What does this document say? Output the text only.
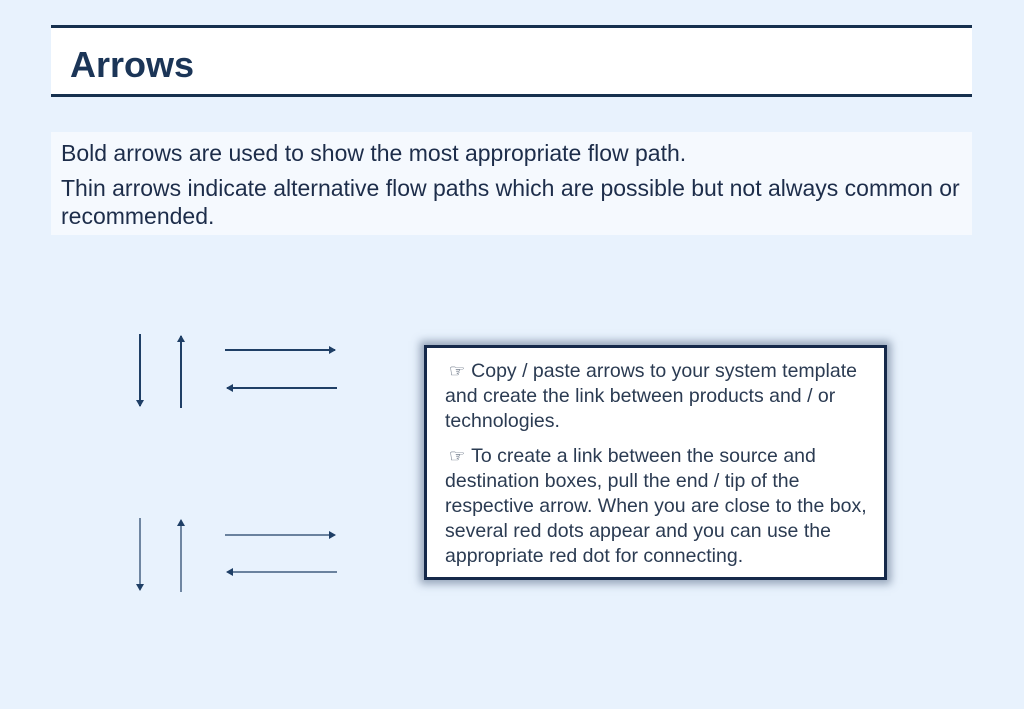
Arrows
Bold arrows are used to show the most appropriate flow path.
Thin arrows indicate alternative flow paths which are possible but not always common or recommended.
☞ Copy / paste arrows to your system template and create the link between products and / or technologies.
☞ To create a link between the source and destination boxes, pull the end / tip of the respective arrow. When you are close to the box, several red dots appear and you can use the appropriate red dot for connecting.
